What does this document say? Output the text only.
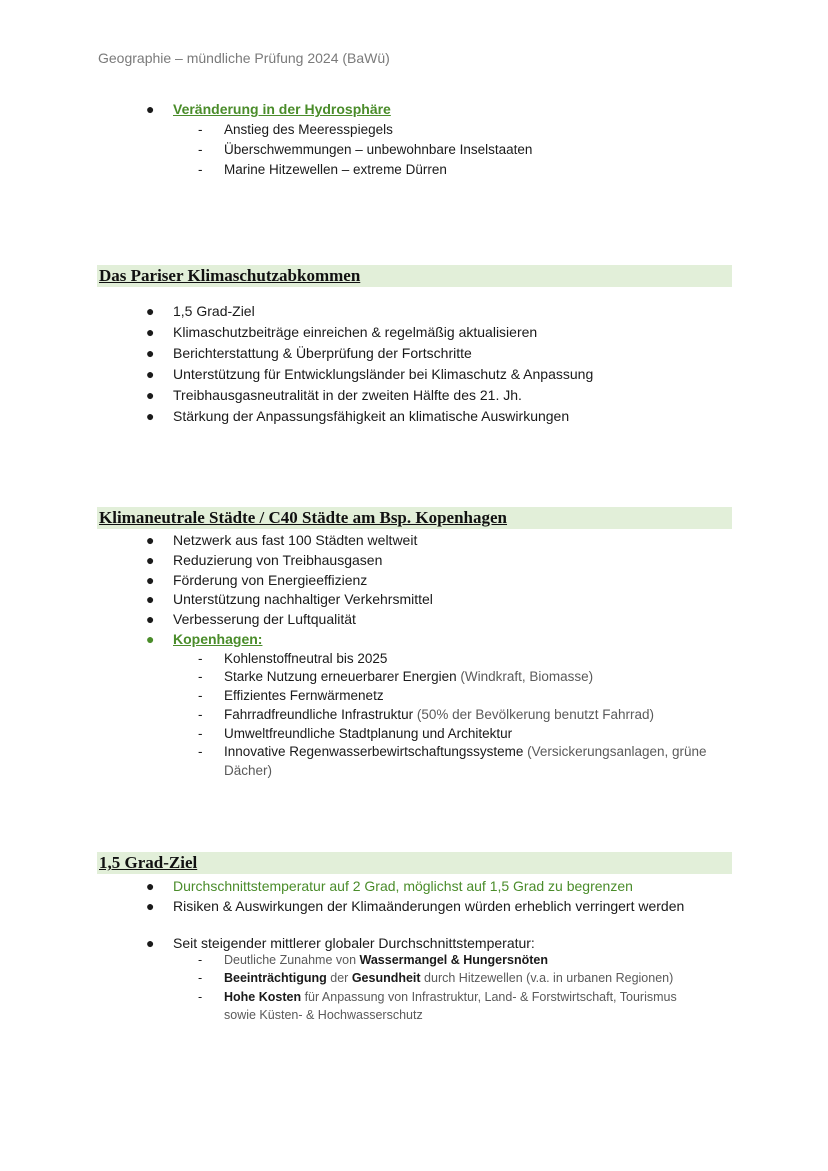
Geographie – mündliche Prüfung 2024 (BaWü)
● Veränderung in der Hydrosphäre
- Anstieg des Meeresspiegels
- Überschwemmungen – unbewohnbare Inselstaaten
- Marine Hitzewellen – extreme Dürren
Das Pariser Klimaschutzabkommen
● 1,5 Grad-Ziel
● Klimaschutzbeiträge einreichen & regelmäßig aktualisieren
● Berichterstattung & Überprüfung der Fortschritte
● Unterstützung für Entwicklungsländer bei Klimaschutz & Anpassung
● Treibhausgasneutralität in der zweiten Hälfte des 21. Jh.
● Stärkung der Anpassungsfähigkeit an klimatische Auswirkungen
Klimaneutrale Städte / C40 Städte am Bsp. Kopenhagen
● Netzwerk aus fast 100 Städten weltweit
● Reduzierung von Treibhausgasen
● Förderung von Energieeffizienz
● Unterstützung nachhaltiger Verkehrsmittel
● Verbesserung der Luftqualität
● Kopenhagen:
- Kohlenstoffneutral bis 2025
- Starke Nutzung erneuerbarer Energien (Windkraft, Biomasse)
- Effizientes Fernwärmenetz
- Fahrradfreundliche Infrastruktur (50% der Bevölkerung benutzt Fahrrad)
- Umweltfreundliche Stadtplanung und Architektur
- Innovative Regenwasserbewirtschaftungssysteme (Versickerungsanlagen, grüne
Dächer)
1,5 Grad-Ziel
● Durchschnittstemperatur auf 2 Grad, möglichst auf 1,5 Grad zu begrenzen
● Risiken & Auswirkungen der Klimaänderungen würden erheblich verringert werden
● Seit steigender mittlerer globaler Durchschnittstemperatur:
- Deutliche Zunahme von Wassermangel & Hungersnöten
- Beeinträchtigung der Gesundheit durch Hitzewellen (v.a. in urbanen Regionen)
- Hohe Kosten für Anpassung von Infrastruktur, Land- & Forstwirtschaft, Tourismus
sowie Küsten- & Hochwasserschutz
